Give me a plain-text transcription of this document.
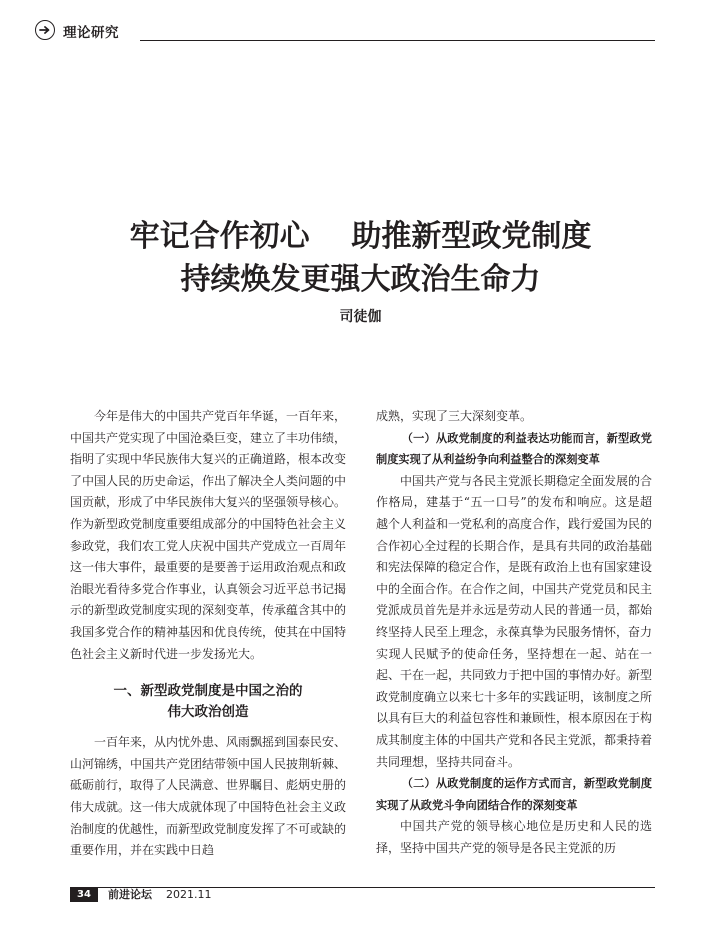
理论研究
牢记合作初心    助推新型政党制度
持续焕发更强大政治生命力
司徒伽

今年是伟大的中国共产党百年华诞，一百年来，中国共产党实现了中国沧桑巨变，建立了丰功伟绩，指明了实现中华民族伟大复兴的正确道路，根本改变了中国人民的历史命运，作出了解决全人类问题的中国贡献，形成了中华民族伟大复兴的坚强领导核心。作为新型政党制度重要组成部分的中国特色社会主义参政党，我们农工党人庆祝中国共产党成立一百周年这一伟大事件，最重要的是要善于运用政治观点和政治眼光看待多党合作事业，认真领会习近平总书记揭示的新型政党制度实现的深刻变革，传承蕴含其中的我国多党合作的精神基因和优良传统，使其在中国特色社会主义新时代进一步发扬光大。

一、新型政党制度是中国之治的
伟大政治创造

一百年来，从内忧外患、风雨飘摇到国泰民安、山河锦绣，中国共产党团结带领中国人民披荆斩棘、砥砺前行，取得了人民满意、世界瞩目、彪炳史册的伟大成就。这一伟大成就体现了中国特色社会主义政治制度的优越性，而新型政党制度发挥了不可或缺的重要作用，并在实践中日趋

成熟，实现了三大深刻变革。

（一）从政党制度的利益表达功能而言，新型政党制度实现了从利益纷争向利益整合的深刻变革

中国共产党与各民主党派长期稳定全面发展的合作格局，建基于“五一口号”的发布和响应。这是超越个人利益和一党私利的高度合作，践行爱国为民的合作初心全过程的长期合作，是具有共同的政治基础和宪法保障的稳定合作，是既有政治上也有国家建设中的全面合作。在合作之间，中国共产党党员和民主党派成员首先是并永远是劳动人民的普通一员，都始终坚持人民至上理念，永葆真挚为民服务情怀，奋力实现人民赋予的使命任务，坚持想在一起、站在一起、干在一起，共同致力于把中国的事情办好。新型政党制度确立以来七十多年的实践证明，该制度之所以具有巨大的利益包容性和兼顾性，根本原因在于构成其制度主体的中国共产党和各民主党派，都秉持着共同理想，坚持共同奋斗。

（二）从政党制度的运作方式而言，新型政党制度实现了从政党斗争向团结合作的深刻变革

中国共产党的领导核心地位是历史和人民的选择，坚持中国共产党的领导是各民主党派的历

34	前进论坛 2021.11
